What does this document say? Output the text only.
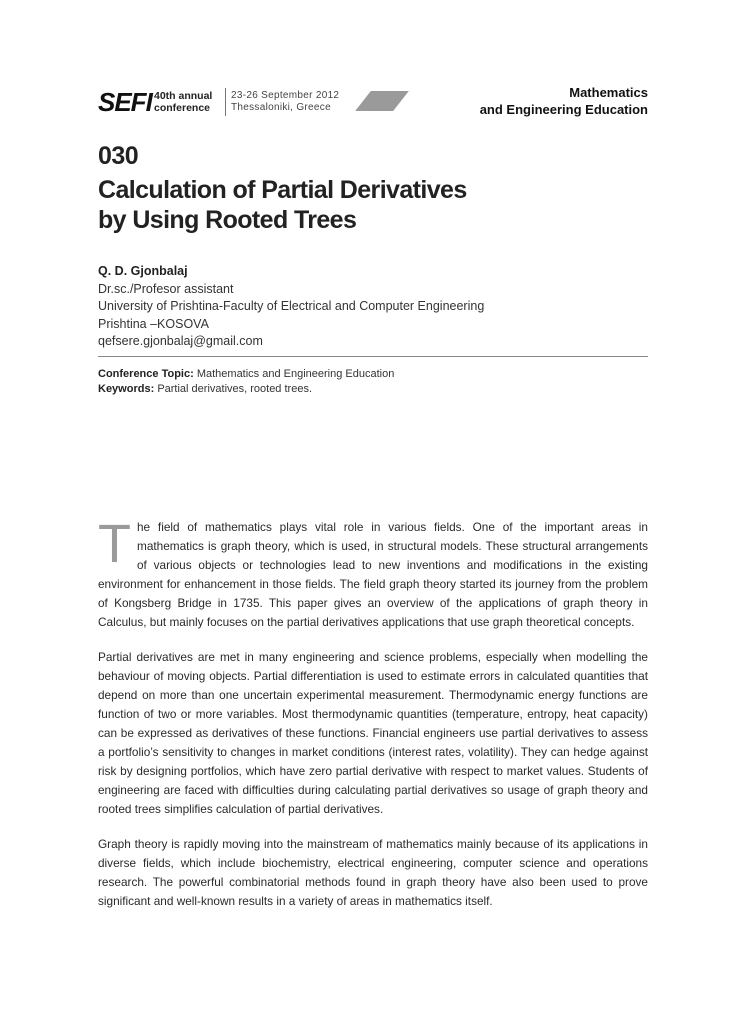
SEFI 40th annual
conference
23-26 September 2012
Thessaloniki, Greece
Mathematics
and Engineering Education
030
Calculation of Partial Derivatives
by Using Rooted Trees
Q. D. Gjonbalaj
Dr.sc./Profesor assistant
University of Prishtina-Faculty of Electrical and Computer Engineering
Prishtina –KOSOVA
qefsere.gjonbalaj@gmail.com
Conference Topic: Mathematics and Engineering Education
Keywords: Partial derivatives, rooted trees.

The field of mathematics plays vital role in various fields. One of the important areas in mathematics is graph theory, which is used, in structural models. These structural arrangements of various objects or technologies lead to new inventions and modifications in the existing environment for enhancement in those fields. The field graph theory started its journey from the problem of Kongsberg Bridge in 1735. This paper gives an overview of the applications of graph theory in Calculus, but mainly focuses on the partial derivatives applications that use graph theoretical concepts.

Partial derivatives are met in many engineering and science problems, especially when modelling the behaviour of moving objects. Partial differentiation is used to estimate errors in calculated quantities that depend on more than one uncertain experimental measurement. Thermodynamic energy functions are function of two or more variables. Most thermodynamic quantities (temperature, entropy, heat capacity) can be expressed as derivatives of these functions. Financial engineers use partial derivatives to assess a portfolio’s sensitivity to changes in market conditions (interest rates, volatility). They can hedge against risk by designing portfolios, which have zero partial derivative with respect to market values. Students of engineering are faced with difficulties during calculating partial derivatives so usage of graph theory and rooted trees simplifies calculation of partial derivatives.

Graph theory is rapidly moving into the mainstream of mathematics mainly because of its applications in diverse fields, which include biochemistry, electrical engineering, computer science and operations research. The powerful combinatorial methods found in graph theory have also been used to prove significant and well-known results in a variety of areas in mathematics itself.
